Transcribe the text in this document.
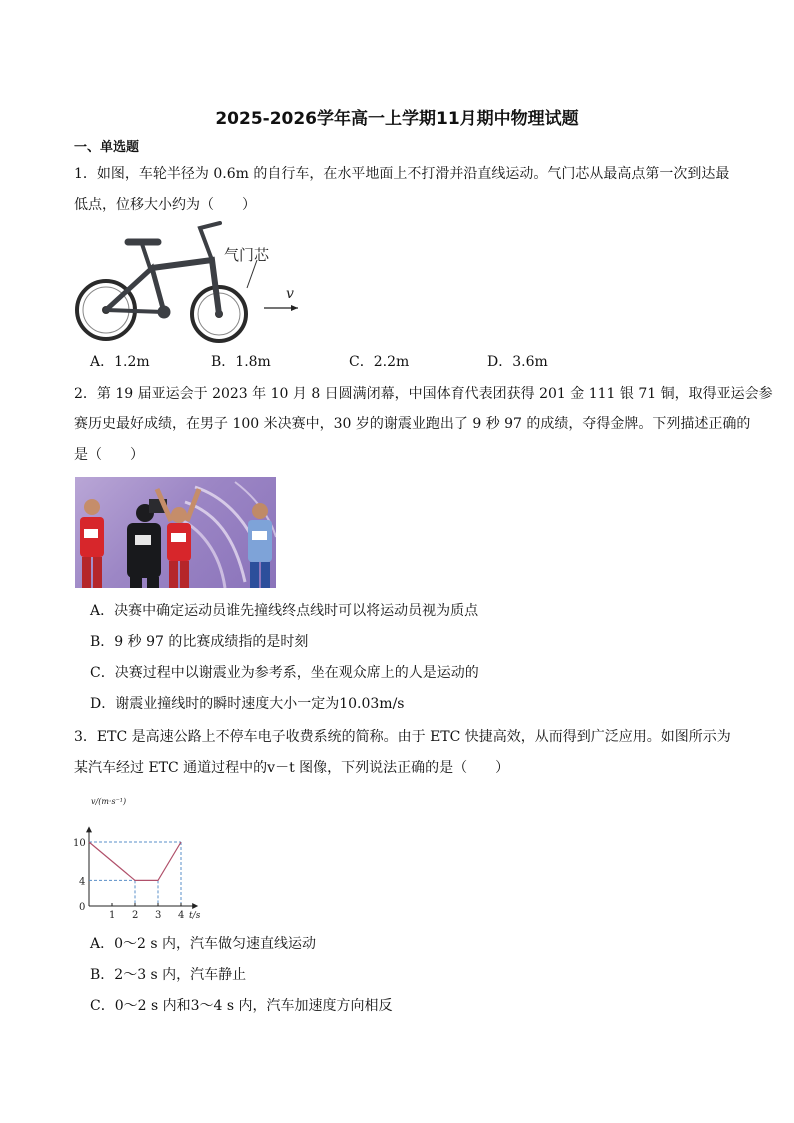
2025-2026学年高一上学期11月期中物理试题
一、单选题
1．如图，车轮半径为 0.6m 的自行车，在水平地面上不打滑并沿直线运动。气门芯从最高点第一次到达最
低点，位移大小约为（　　）
气门芯
v
A．1.2m	B．1.8m	C．2.2m	D．3.6m
2．第 19 届亚运会于 2023 年 10 月 8 日圆满闭幕，中国体育代表团获得 201 金 111 银 71 铜，取得亚运会参
赛历史最好成绩，在男子 100 米决赛中，30 岁的谢震业跑出了 9 秒 97 的成绩，夺得金牌。下列描述正确的
是（　　）
A．决赛中确定运动员谁先撞线终点线时可以将运动员视为质点
B．9 秒 97 的比赛成绩指的是时刻
C．决赛过程中以谢震业为参考系，坐在观众席上的人是运动的
D．谢震业撞线时的瞬时速度大小一定为10.03m/s
3．ETC 是高速公路上不停车电子收费系统的简称。由于 ETC 快捷高效，从而得到广泛应用。如图所示为
某汽车经过 ETC 通道过程中的v－t 图像，下列说法正确的是（　　）
1 2 3 4
10
4
0
t/s
v/(m·s⁻¹)
A．0～2 s 内，汽车做匀速直线运动
B．2～3 s 内，汽车静止
C．0～2 s 内和3～4 s 内，汽车加速度方向相反
